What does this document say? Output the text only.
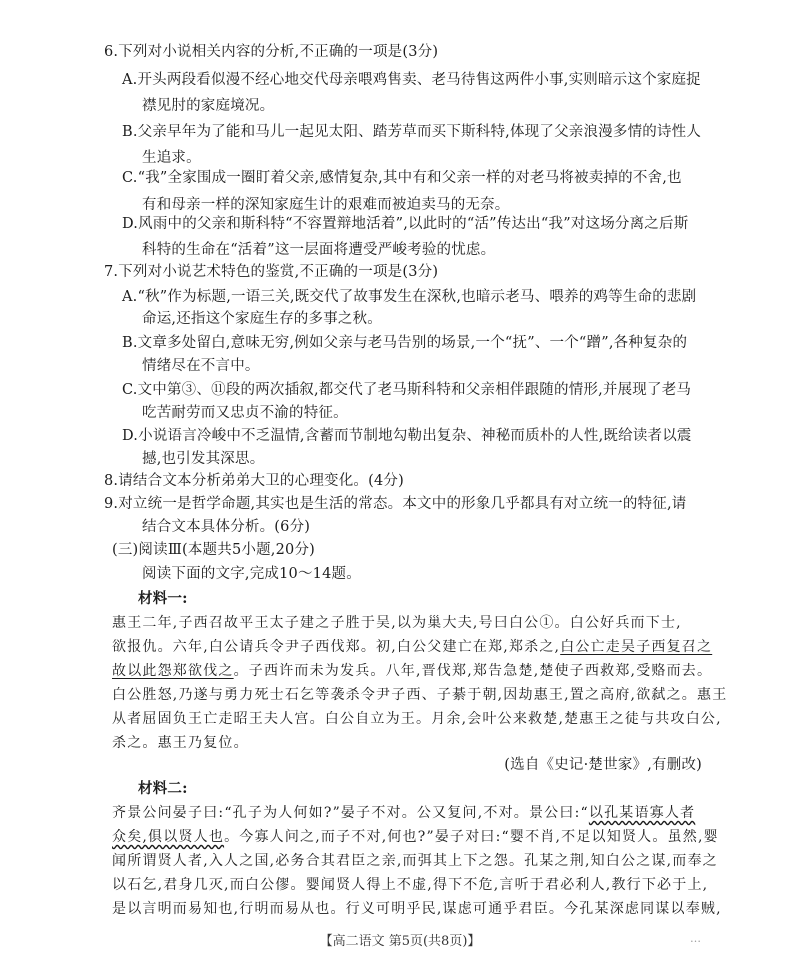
6.下列对小说相关内容的分析,不正确的一项是(3分)
A.开头两段看似漫不经心地交代母亲喂鸡售卖、老马待售这两件小事,实则暗示这个家庭捉
襟见肘的家庭境况。
B.父亲早年为了能和马儿一起见太阳、踏芳草而买下斯科特,体现了父亲浪漫多情的诗性人
生追求。
C.“我”全家围成一圈盯着父亲,感情复杂,其中有和父亲一样的对老马将被卖掉的不舍,也
有和母亲一样的深知家庭生计的艰难而被迫卖马的无奈。
D.风雨中的父亲和斯科特“不容置辩地活着”,以此时的“活”传达出“我”对这场分离之后斯
科特的生命在“活着”这一层面将遭受严峻考验的忧虑。
7.下列对小说艺术特色的鉴赏,不正确的一项是(3分)
A.“秋”作为标题,一语三关,既交代了故事发生在深秋,也暗示老马、喂养的鸡等生命的悲剧
命运,还指这个家庭生存的多事之秋。
B.文章多处留白,意味无穷,例如父亲与老马告别的场景,一个“抚”、一个“蹭”,各种复杂的
情绪尽在不言中。
C.文中第③、⑪段的两次插叙,都交代了老马斯科特和父亲相伴跟随的情形,并展现了老马
吃苦耐劳而又忠贞不渝的特征。
D.小说语言冷峻中不乏温情,含蓄而节制地勾勒出复杂、神秘而质朴的人性,既给读者以震
撼,也引发其深思。
8.请结合文本分析弟弟大卫的心理变化。(4分)
9.对立统一是哲学命题,其实也是生活的常态。本文中的形象几乎都具有对立统一的特征,请
结合文本具体分析。(6分)
(三)阅读Ⅲ(本题共5小题,20分)
阅读下面的文字,完成10～14题。
材料一:
惠王二年,子西召故平王太子建之子胜于吴,以为巢大夫,号曰白公①。白公好兵而下士,
欲报仇。六年,白公请兵令尹子西伐郑。初,白公父建亡在郑,郑杀之,白公亡走吴子西复召之
故以此怨郑欲伐之。子西许而未为发兵。八年,晋伐郑,郑告急楚,楚使子西救郑,受赂而去。
白公胜怒,乃遂与勇力死士石乞等袭杀令尹子西、子綦于朝,因劫惠王,置之高府,欲弑之。惠王
从者屈固负王亡走昭王夫人宫。白公自立为王。月余,会叶公来救楚,楚惠王之徒与共攻白公,
杀之。惠王乃复位。
(选自《史记·楚世家》,有删改)
材料二:
齐景公问晏子曰:“孔子为人何如?”晏子不对。公又复问,不对。景公曰:“以孔某语寡人者
众矣,俱以贤人也。今寡人问之,而子不对,何也?”晏子对曰:“婴不肖,不足以知贤人。虽然,婴
闻所谓贤人者,入人之国,必务合其君臣之亲,而弭其上下之怨。孔某之荆,知白公之谋,而奉之
以石乞,君身几灭,而白公僇。婴闻贤人得上不虚,得下不危,言听于君必利人,教行下必于上,
是以言明而易知也,行明而易从也。行义可明乎民,谋虑可通乎君臣。今孔某深虑同谋以奉贼,
【高二语文 第5页(共8页)】	…
